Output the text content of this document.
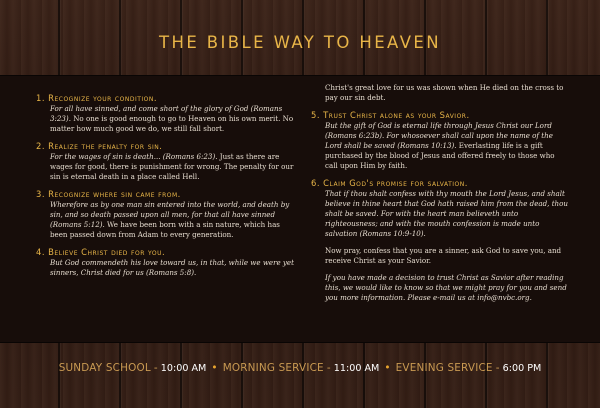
THE BIBLE WAY TO HEAVEN
1. Recognize your condition.
For all have sinned, and come short of the glory of God (Romans 3:23). No one is good enough to go to Heaven on his own merit. No matter how much good we do, we still fall short.
2. Realize the penalty for sin.
For the wages of sin is death... (Romans 6:23). Just as there are wages for good, there is punishment for wrong. The penalty for our sin is eternal death in a place called Hell.
3. Recognize where sin came from.
Wherefore as by one man sin entered into the world, and death by sin, and so death passed upon all men, for that all have sinned (Romans 5:12). We have been born with a sin nature, which has been passed down from Adam to every generation.
4. Believe Christ died for you.
But God commendeth his love toward us, in that, while we were yet sinners, Christ died for us (Romans 5:8).
Christ's great love for us was shown when He died on the cross to pay our sin debt.
5. Trust Christ alone as your Savior.
But the gift of God is eternal life through Jesus Christ our Lord (Romans 6:23b). For whosoever shall call upon the name of the Lord shall be saved (Romans 10:13). Everlasting life is a gift purchased by the blood of Jesus and offered freely to those who call upon Him by faith.
6. Claim God's promise for salvation.
That if thou shalt confess with thy mouth the Lord Jesus, and shalt believe in thine heart that God hath raised him from the dead, thou shalt be saved. For with the heart man believeth unto righteousness; and with the mouth confession is made unto salvation (Romans 10:9-10).
Now pray, confess that you are a sinner, ask God to save you, and receive Christ as your Savior.
If you have made a decision to trust Christ as Savior after reading this, we would like to know so that we might pray for you and send you more information. Please e-mail us at info@nvbc.org.
SUNDAY SCHOOL - 10:00 AM • MORNING SERVICE - 11:00 AM • EVENING SERVICE - 6:00 PM
